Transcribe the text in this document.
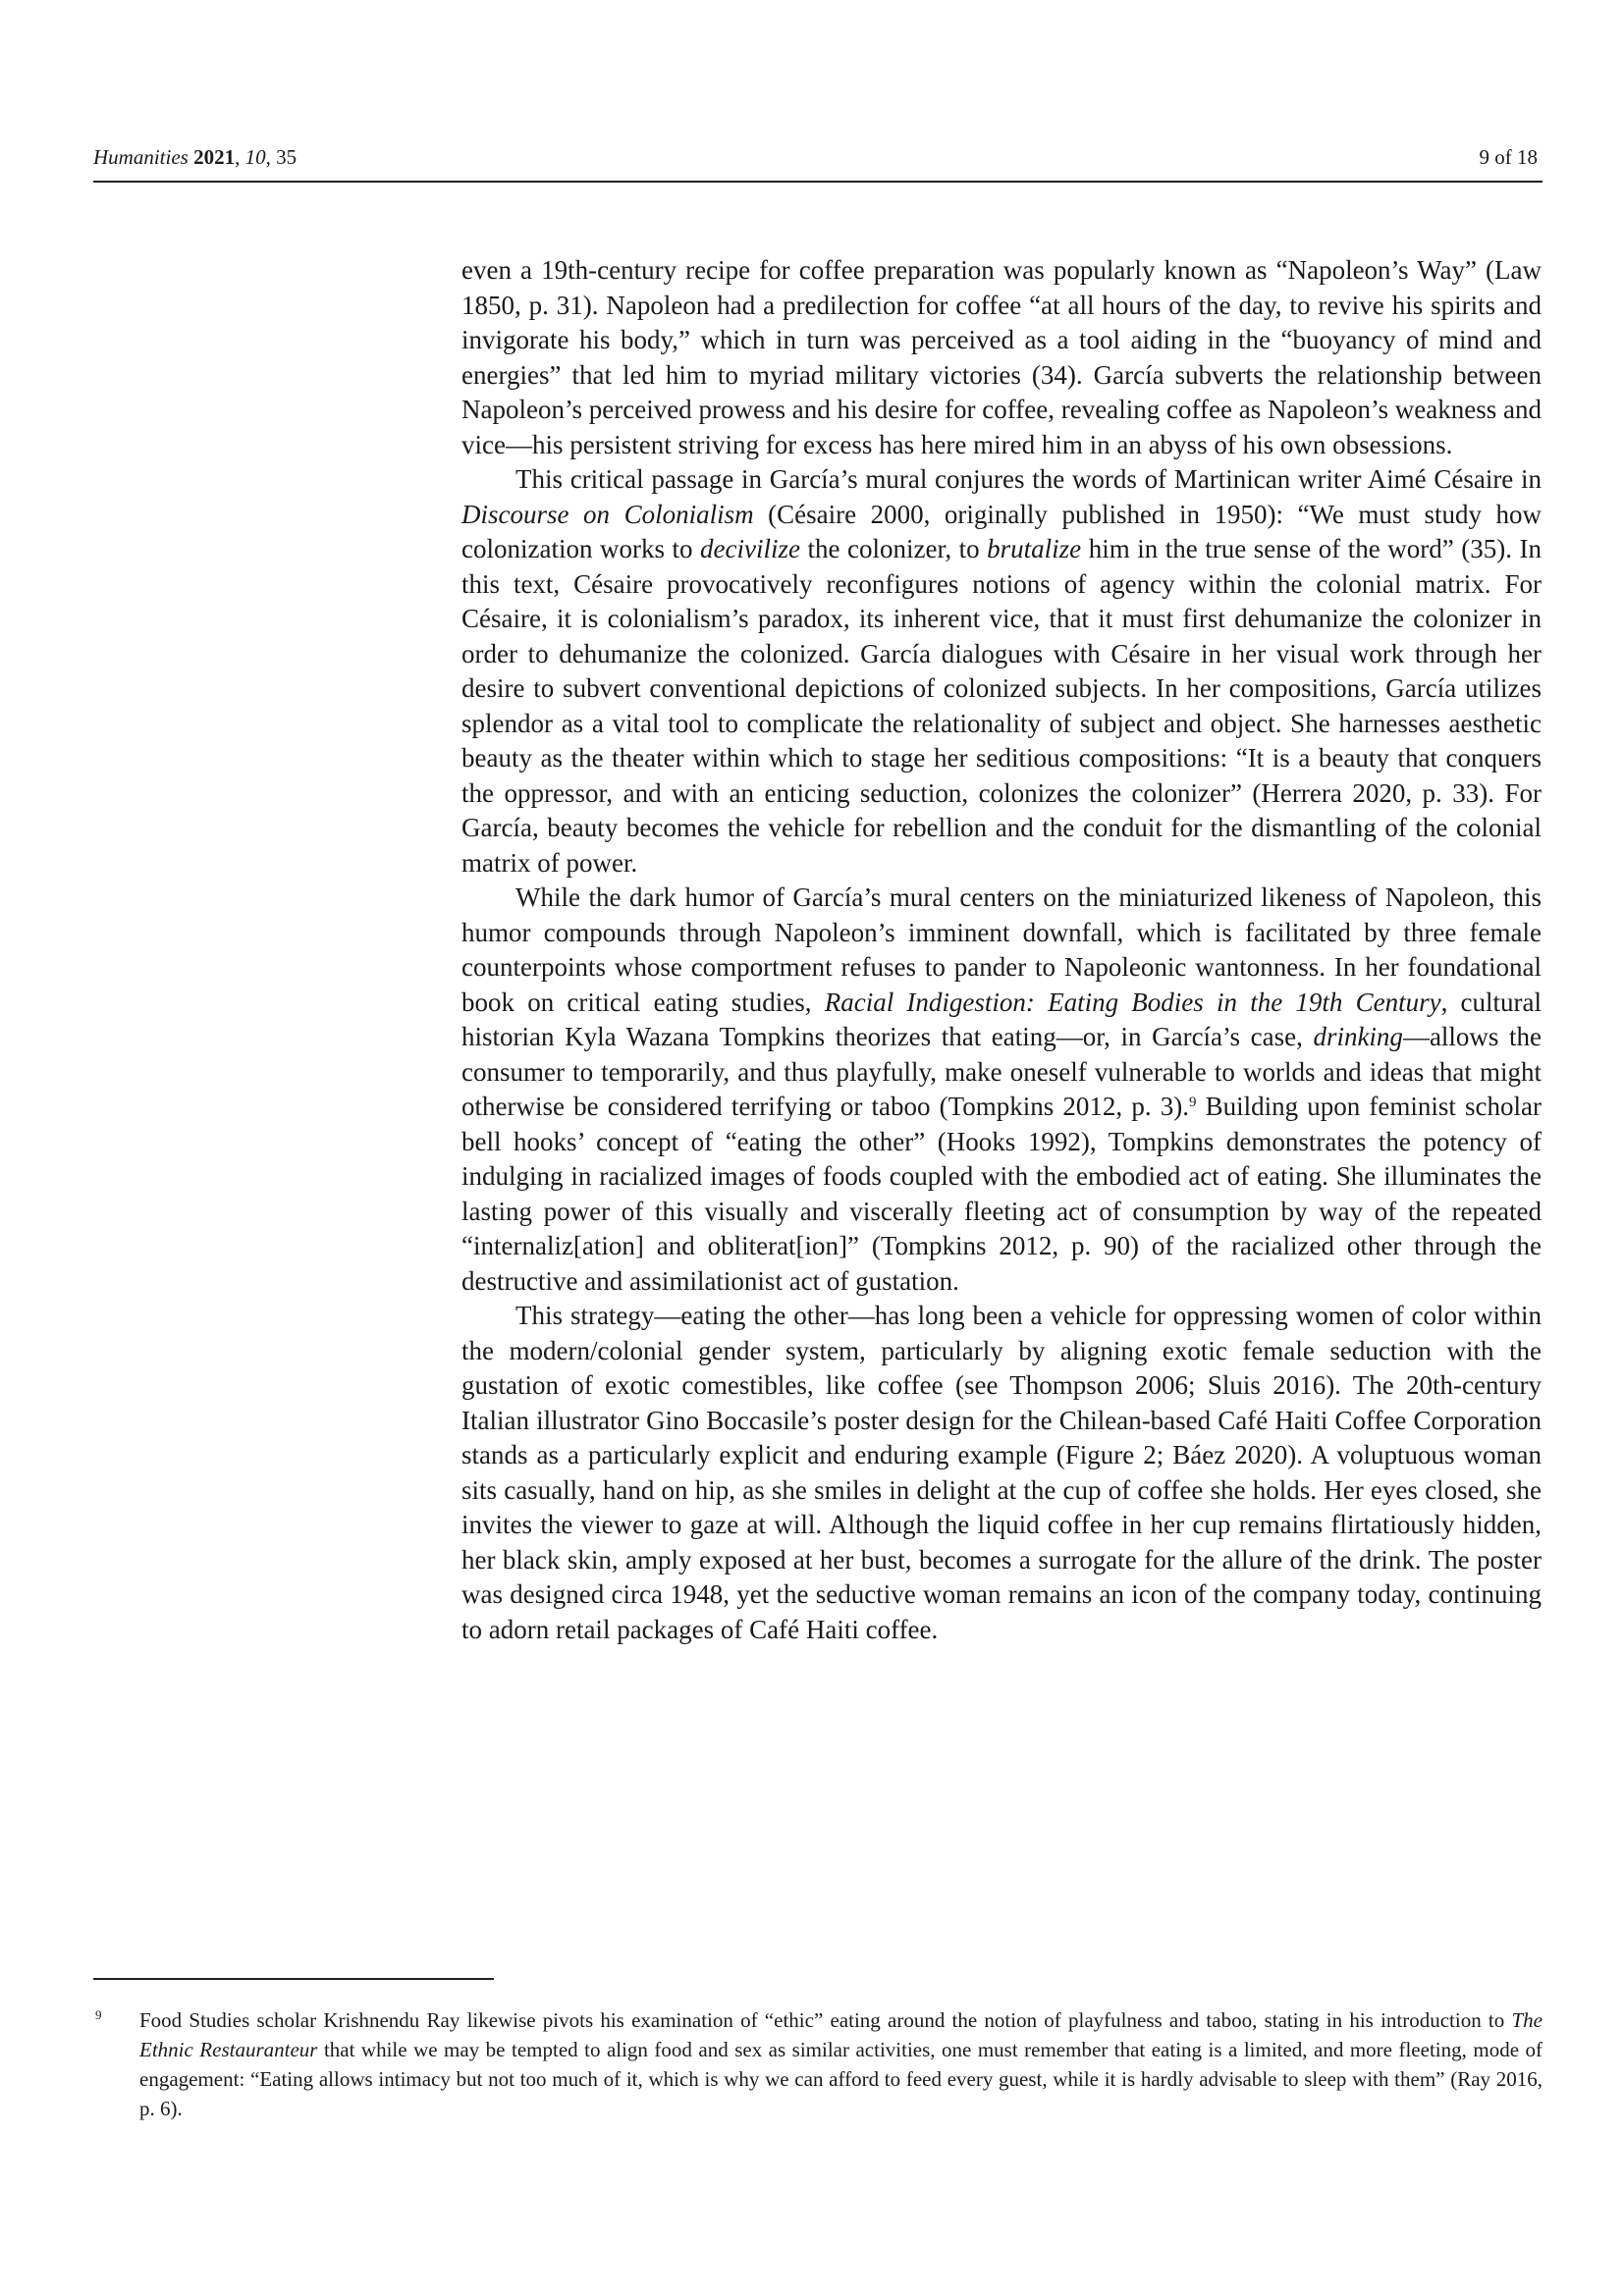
Humanities 2021, 10, 35	9 of 18

even a 19th-century recipe for coffee preparation was popularly known as “Napoleon’s Way” (Law 1850, p. 31). Napoleon had a predilection for coffee “at all hours of the day, to revive his spirits and invigorate his body,” which in turn was perceived as a tool aiding in the “buoyancy of mind and energies” that led him to myriad military victories (34). García subverts the relationship between Napoleon’s perceived prowess and his desire for coffee, revealing coffee as Napoleon’s weakness and vice—his persistent striving for excess has here mired him in an abyss of his own obsessions.

This critical passage in García’s mural conjures the words of Martinican writer Aimé Césaire in Discourse on Colonialism (Césaire 2000, originally published in 1950): “We must study how colonization works to decivilize the colonizer, to brutalize him in the true sense of the word” (35). In this text, Césaire provocatively reconfigures notions of agency within the colonial matrix. For Césaire, it is colonialism’s paradox, its inherent vice, that it must first dehumanize the colonizer in order to dehumanize the colonized. García dialogues with Césaire in her visual work through her desire to subvert conventional depictions of colonized subjects. In her compositions, García utilizes splendor as a vital tool to complicate the relationality of subject and object. She harnesses aesthetic beauty as the theater within which to stage her seditious compositions: “It is a beauty that conquers the oppressor, and with an enticing seduction, colonizes the colonizer” (Herrera 2020, p. 33). For García, beauty becomes the vehicle for rebellion and the conduit for the dismantling of the colonial matrix of power.

While the dark humor of García’s mural centers on the miniaturized likeness of Napoleon, this humor compounds through Napoleon’s imminent downfall, which is facilitated by three female counterpoints whose comportment refuses to pander to Napoleonic wantonness. In her foundational book on critical eating studies, Racial Indigestion: Eating Bodies in the 19th Century, cultural historian Kyla Wazana Tompkins theorizes that eating—or, in García’s case, drinking—allows the consumer to temporarily, and thus playfully, make oneself vulnerable to worlds and ideas that might otherwise be considered terrifying or taboo (Tompkins 2012, p. 3).$^9$ Building upon feminist scholar bell hooks’ concept of “eating the other” (Hooks 1992), Tompkins demonstrates the potency of indulging in racialized images of foods coupled with the embodied act of eating. She illuminates the lasting power of this visually and viscerally fleeting act of consumption by way of the repeated “internaliz[ation] and obliterat[ion]” (Tompkins 2012, p. 90) of the racialized other through the destructive and assimilationist act of gustation.

This strategy—eating the other—has long been a vehicle for oppressing women of color within the modern/colonial gender system, particularly by aligning exotic female seduction with the gustation of exotic comestibles, like coffee (see Thompson 2006; Sluis 2016). The 20th-century Italian illustrator Gino Boccasile’s poster design for the Chilean-based Café Haiti Coffee Corporation stands as a particularly explicit and enduring example (Figure 2; Báez 2020). A voluptuous woman sits casually, hand on hip, as she smiles in delight at the cup of coffee she holds. Her eyes closed, she invites the viewer to gaze at will. Although the liquid coffee in her cup remains flirtatiously hidden, her black skin, amply exposed at her bust, becomes a surrogate for the allure of the drink. The poster was designed circa 1948, yet the seductive woman remains an icon of the company today, continuing to adorn retail packages of Café Haiti coffee.

9 Food Studies scholar Krishnendu Ray likewise pivots his examination of “ethic” eating around the notion of playfulness and taboo, stating in his introduction to The Ethnic Restauranteur that while we may be tempted to align food and sex as similar activities, one must remember that eating is a limited, and more fleeting, mode of engagement: “Eating allows intimacy but not too much of it, which is why we can afford to feed every guest, while it is hardly advisable to sleep with them” (Ray 2016, p. 6).
